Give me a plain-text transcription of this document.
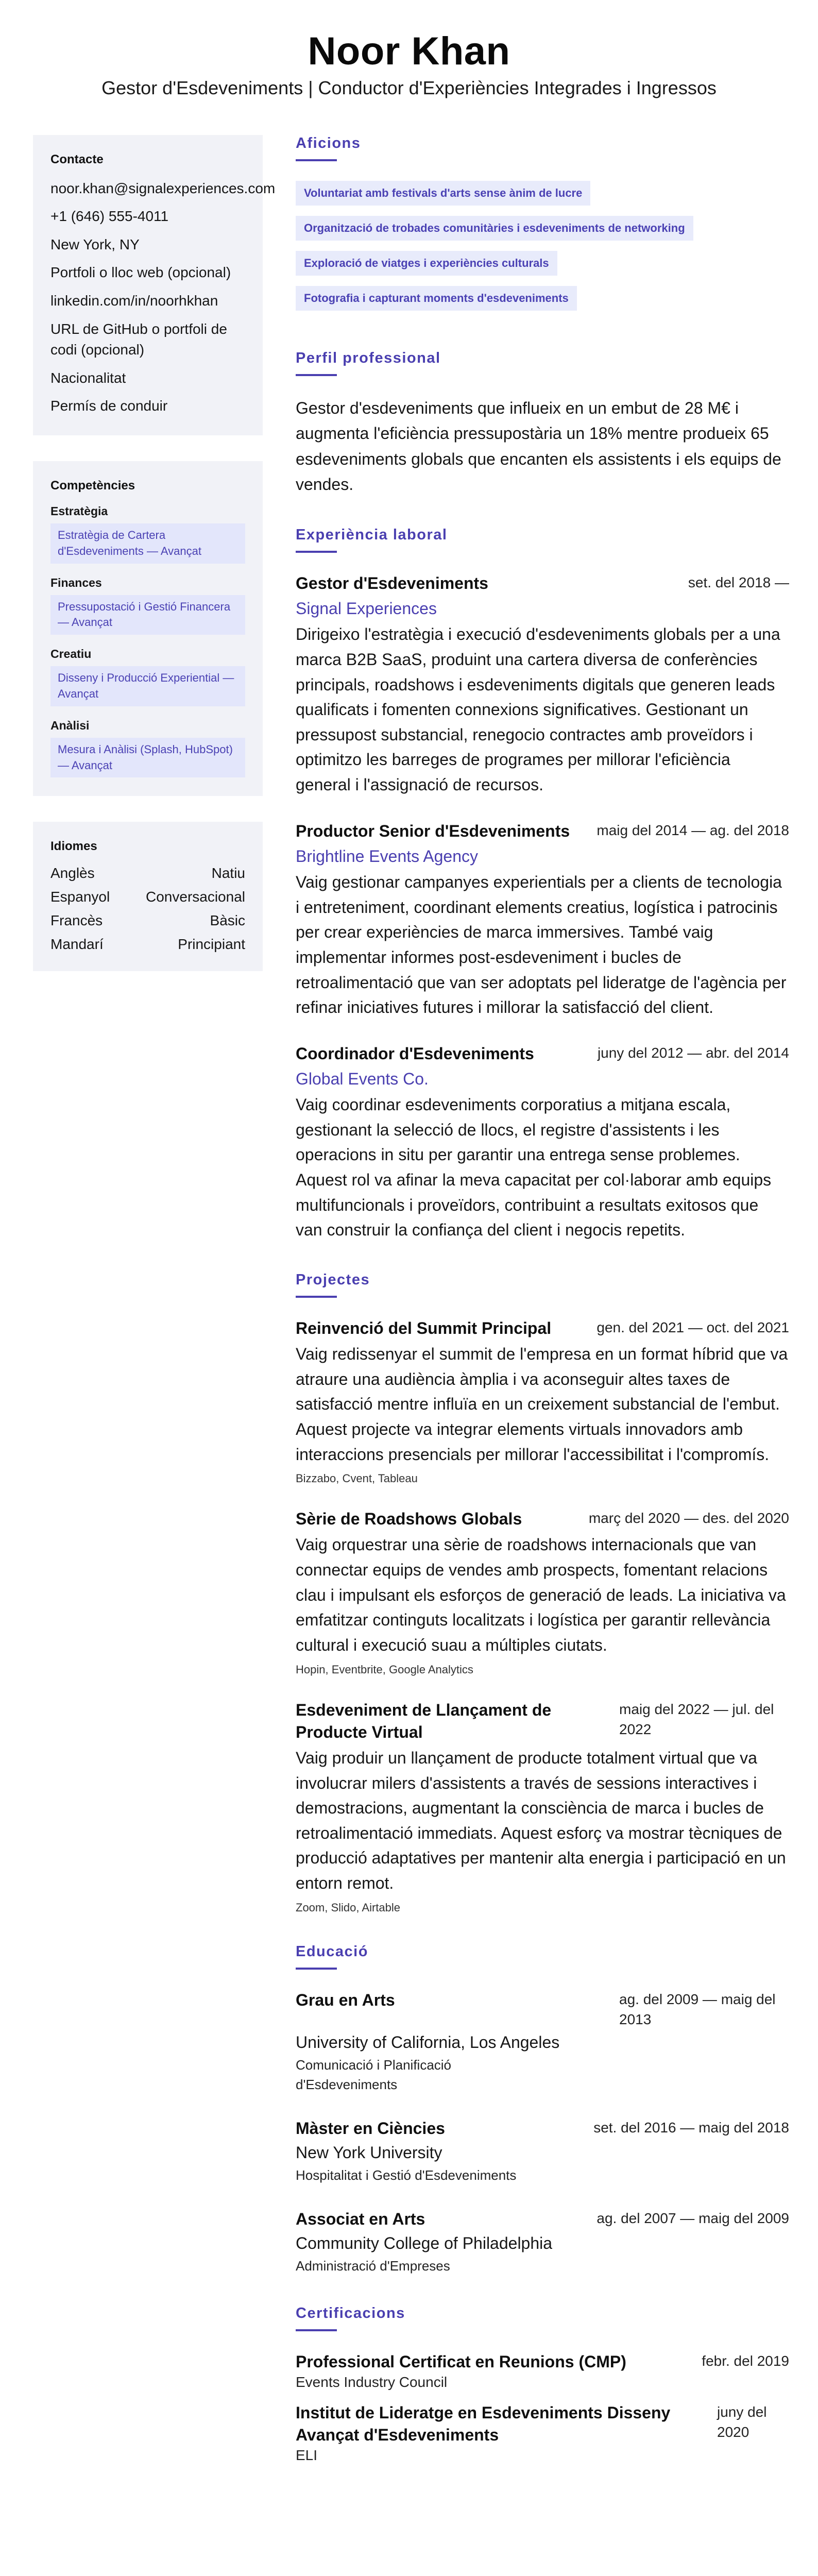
Noor Khan
Gestor d'Esdeveniments | Conductor d'Experiències Integrades i Ingressos
Contacte
noor.khan@signalexperiences.com
+1 (646) 555-4011
New York, NY
Portfoli o lloc web (opcional)
linkedin.com/in/noorhkhan
URL de GitHub o portfoli de codi (opcional)
Nacionalitat
Permís de conduir
Competències
Estratègia
Estratègia de Cartera d'Esdeveniments — Avançat
Finances
Pressupostació i Gestió Financera — Avançat
Creatiu
Disseny i Producció Experiential — Avançat
Anàlisi
Mesura i Anàlisi (Splash, HubSpot) — Avançat
Idiomes
Anglès	Natiu
Espanyol Conversacional
Francès	Bàsic
Mandarí	Principiant
Aficions
Voluntariat amb festivals d'arts sense ànim de lucre
Organització de trobades comunitàries i esdeveniments de networking
Exploració de viatges i experiències culturals
Fotografia i capturant moments d'esdeveniments
Perfil professional

Gestor d'esdeveniments que influeix en un embut de 28 M€ i augmenta l'eficiència pressupostària un 18% mentre produeix 65 esdeveniments globals que encanten els assistents i els equips de vendes.

Experiència laboral
Gestor d'Esdeveniments	set. del 2018 —
Signal Experiences

Dirigeixo l'estratègia i execució d'esdeveniments globals per a una marca B2B SaaS, produint una cartera diversa de conferències principals, roadshows i esdeveniments digitals que generen leads qualificats i fomenten connexions significatives. Gestionant un pressupost substancial, renegocio contractes amb proveïdors i optimitzo les barreges de programes per millorar l'eficiència general i l'assignació de recursos.

Productor Senior d'Esdeveniments maig del 2014 — ag. del 2018
Brightline Events Agency

Vaig gestionar campanyes experientials per a clients de tecnologia i entreteniment, coordinant elements creatius, logística i patrocinis per crear experiències de marca immersives. També vaig implementar informes post-esdeveniment i bucles de retroalimentació que van ser adoptats pel lideratge de l'agència per refinar iniciatives futures i millorar la satisfacció del client.

Coordinador d'Esdeveniments	juny del 2012 — abr. del 2014
Global Events Co.

Vaig coordinar esdeveniments corporatius a mitjana escala, gestionant la selecció de llocs, el registre d'assistents i les operacions in situ per garantir una entrega sense problemes. Aquest rol va afinar la meva capacitat per col·laborar amb equips multifuncionals i proveïdors, contribuint a resultats exitosos que van construir la confiança del client i negocis repetits.

Projectes
Reinvenció del Summit Principal	gen. del 2021 — oct. del 2021

Vaig redissenyar el summit de l'empresa en un format híbrid que va atraure una audiència àmplia i va aconseguir altes taxes de satisfacció mentre influïa en un creixement substancial de l'embut. Aquest projecte va integrar elements virtuals innovadors amb interaccions presencials per millorar l'accessibilitat i l'compromís.

Bizzabo, Cvent, Tableau
Sèrie de Roadshows Globals	març del 2020 — des. del 2020

Vaig orquestrar una sèrie de roadshows internacionals que van connectar equips de vendes amb prospects, fomentant relacions clau i impulsant els esforços de generació de leads. La iniciativa va emfatitzar continguts localitzats i logística per garantir rellevància cultural i execució suau a múltiples ciutats.

Hopin, Eventbrite, Google Analytics
Esdeveniment de Llançament de Producte Virtual
maig del 2022 — jul. del 2022

Vaig produir un llançament de producte totalment virtual que va involucrar milers d'assistents a través de sessions interactives i demostracions, augmentant la consciència de marca i bucles de retroalimentació immediats. Aquest esforç va mostrar tècniques de producció adaptatives per mantenir alta energia i participació en un entorn remot.

Zoom, Slido, Airtable
Educació
Grau en Arts	ag. del 2009 — maig del 2013
University of California, Los Angeles
Comunicació i Planificació d'Esdeveniments
Màster en Ciències	set. del 2016 — maig del 2018
New York University
Hospitalitat i Gestió d'Esdeveniments
Associat en Arts	ag. del 2007 — maig del 2009
Community College of Philadelphia
Administració d'Empreses
Certificacions
Professional Certificat en Reunions (CMP)	febr. del 2019
Events Industry Council
Institut de Lideratge en Esdeveniments Disseny Avançat d'Esdeveniments
juny del 2020
ELI
